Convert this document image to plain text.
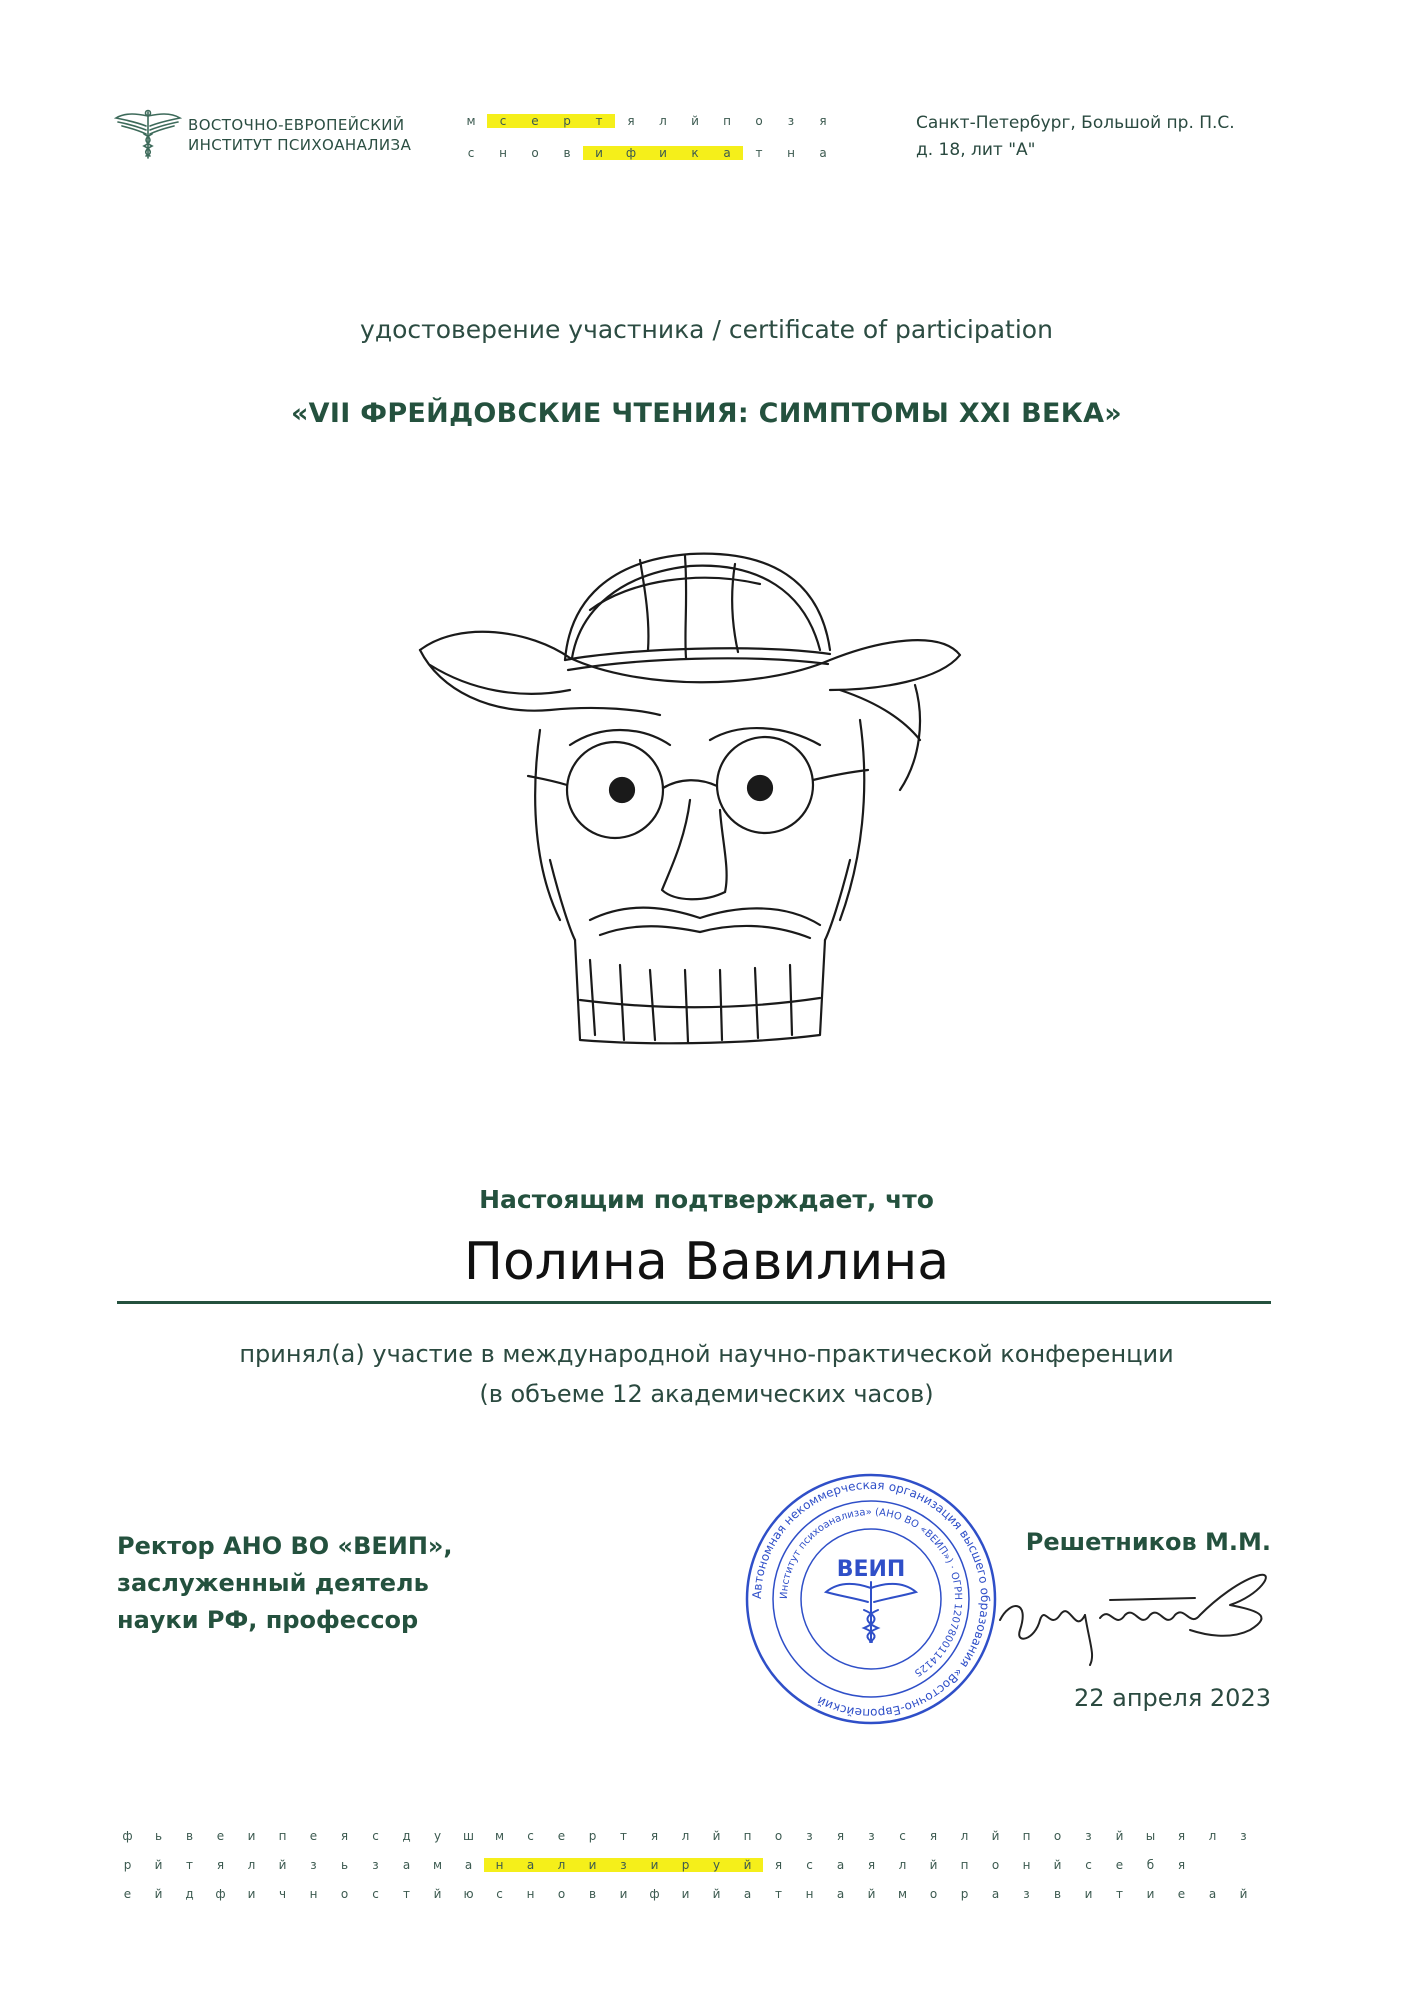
ВОСТОЧНО-ЕВРОПЕЙСКИЙ
ИНСТИТУТ ПСИХОАНАЛИЗА
м	с	е	р	т	я	л	й	п	о	з	я
с	н	о	в	и	ф	и	к	а	т	н	а
Санкт-Петербург, Большой пр. П.С.
д. 18, лит "А"
удостоверение участника / certificate of participation
«VII ФРЕЙДОВСКИЕ ЧТЕНИЯ: СИМПТОМЫ XXI ВЕКА»
Настоящим подтверждает, что
Полина Вавилина
принял(а) участие в международной научно-практической конференции
(в объеме 12 академических часов)
Ректор АНО ВО «ВЕИП»,
заслуженный деятель
науки РФ, профессор
Автономная некоммерческая организация высшего образования «Восточно-Европейский
Институт психоанализа» (АНО ВО «ВЕИП») · ОГРН 1207800114125
ВЕИП
Решетников М.М.
22 апреля 2023
ф	ь	в	е	и	п	е	я	с	д	у	ш	м	с	е	р	т	я	л	й	п	о	з	я	з	с	я	л	й	п	о	з	й	ы	я	л	з
р	й	т	я	л	й	з	ь	з	а	м	а	н	а	л	и	з	и	р	у	й	я	с	а	я	л	й	п	о	н	й	с	е	б	я
е	й	д	ф	и	ч	н	о	с	т	й	ю	с	н	о	в	и	ф	и	й	а	т	н	а	й	м	о	р	а	з	в	и	т	и	е	а	й
